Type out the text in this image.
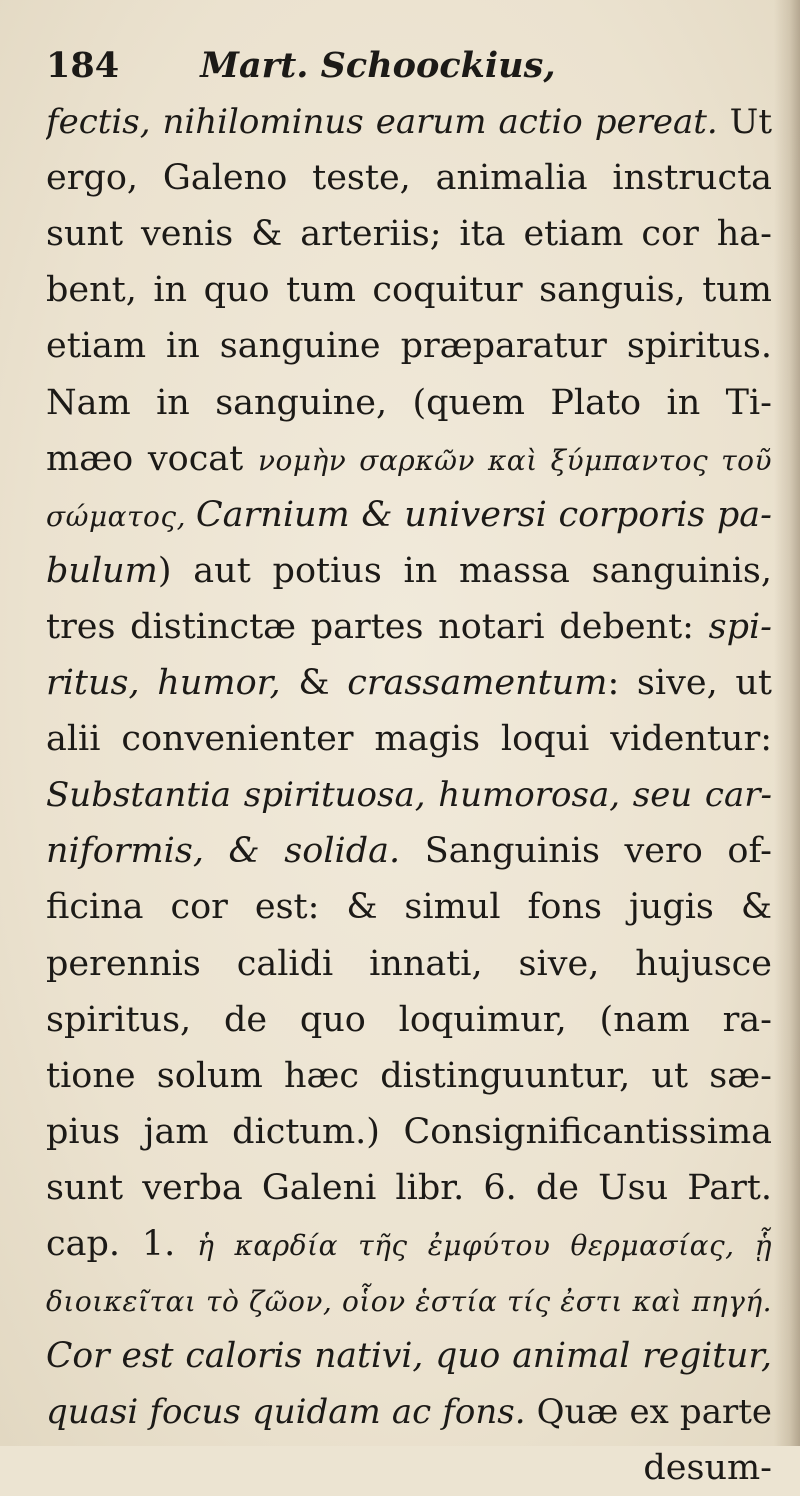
184 Mart. Schoockius,
fectis, nihilominus earum actio pereat. Ut
ergo, Galeno teste, animalia instructa
sunt venis & arteriis; ita etiam cor ha-
bent, in quo tum coquitur sanguis, tum
etiam in sanguine præparatur spiritus.
Nam in sanguine, (quem Plato in Ti-
mæo vocat νομὴν σαρκῶν καὶ ξύμπαντος τοῦ
σώματος, Carnium & universi corporis pa-
bulum) aut potius in massa sanguinis,
tres distinctæ partes notari debent: spi-
ritus, humor, & crassamentum: sive, ut
alii convenienter magis loqui videntur:
Substantia spirituosa, humorosa, seu car-
niformis, & solida. Sanguinis vero of-
ficina cor est: & simul fons jugis &
perennis calidi innati, sive, hujusce
spiritus, de quo loquimur, (nam ra-
tione solum hæc distinguuntur, ut sæ-
pius jam dictum.) Consignificantissima
sunt verba Galeni libr. 6. de Usu Part.
cap. 1. ἡ καρδία τῆς ἐμφύτου θερμασίας, ᾗ
διοικεῖται τὸ ζῶον, οἷον ἑστία τίς ἐστι καὶ πηγή.
Cor est caloris nativi, quo animal regitur,
quasi focus quidam ac fons. Quæ ex parte
desum-
